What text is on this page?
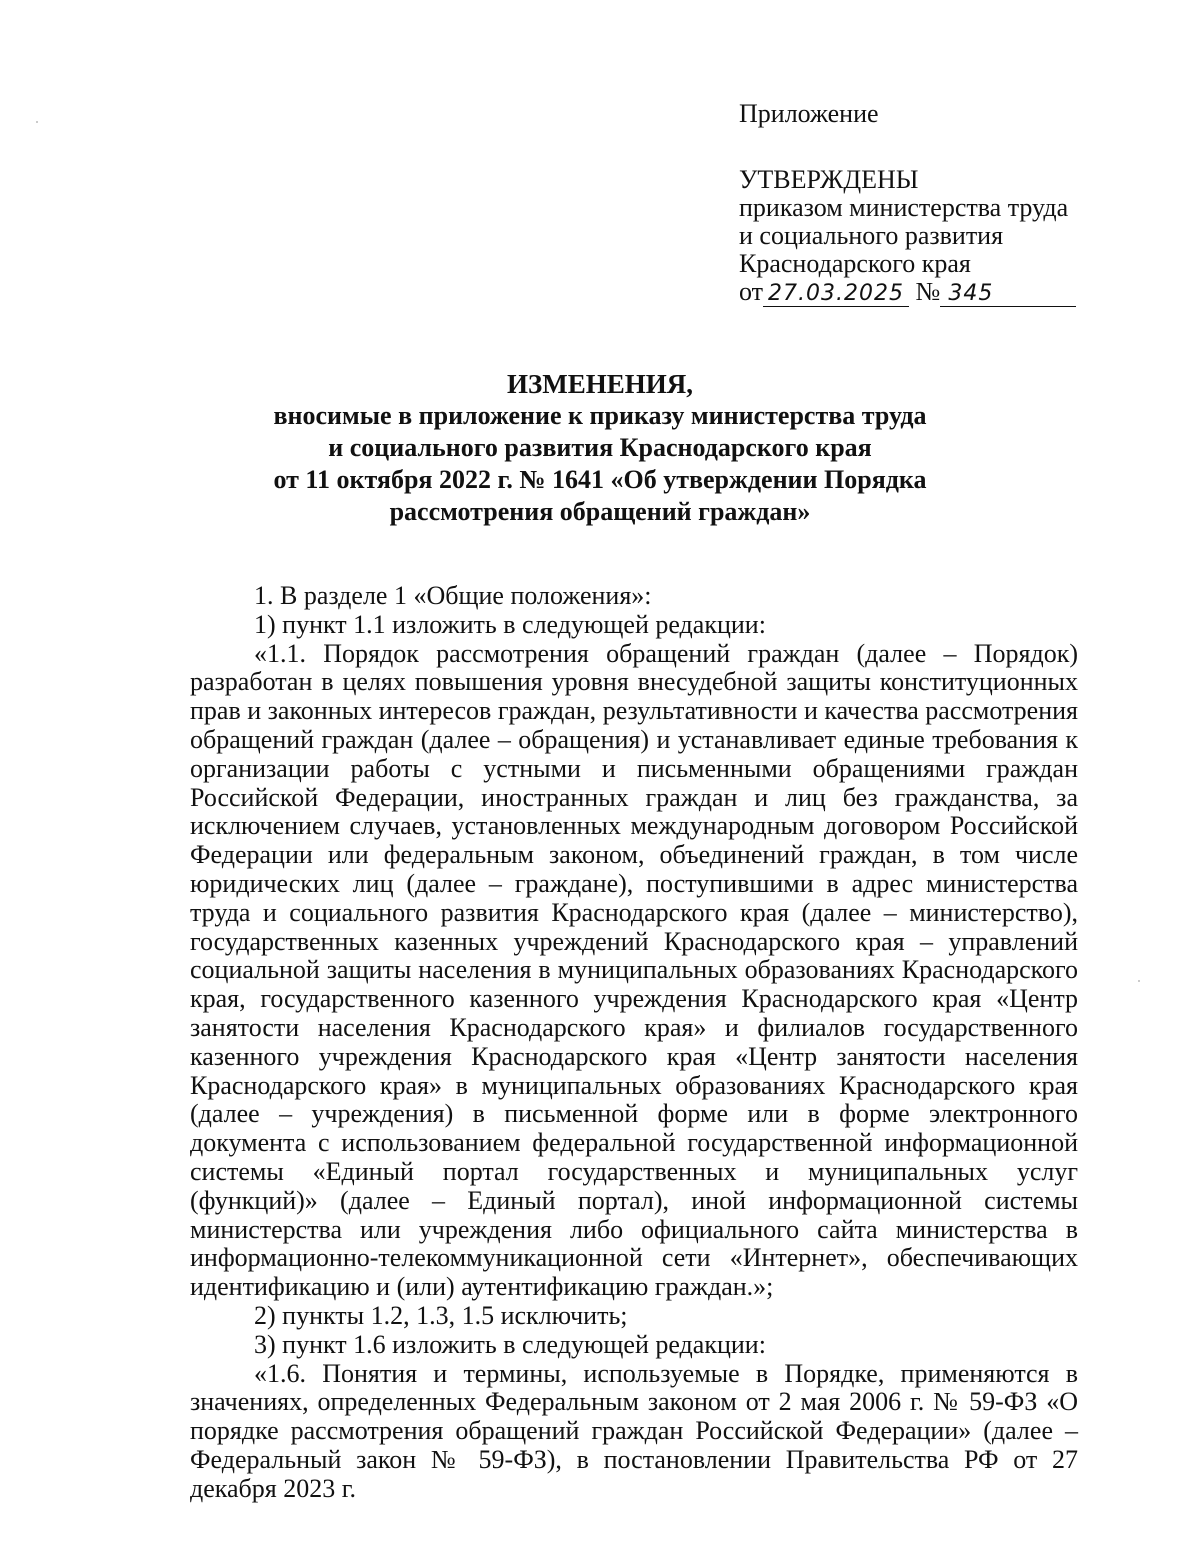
Приложение

УТВЕРЖДЕНЫ

приказом министерства труда

и социального развития

Краснодарского края

от 27.03.2025 № 345

ИЗМЕНЕНИЯ,

вносимые в приложение к приказу министерства труда

и социального развития Краснодарского края

от 11 октября 2022 г. № 1641 «Об утверждении Порядка

рассмотрения обращений граждан»

1. В разделе 1 «Общие положения»:

1) пункт 1.1 изложить в следующей редакции:

«1.1. Порядок рассмотрения обращений граждан (далее – Порядок) разработан в целях повышения уровня внесудебной защиты конституционных прав и законных интересов граждан, результативности и качества рассмотрения обращений граждан (далее – обращения) и устанавливает единые требования к организации работы с устными и письменными обращениями граждан Российской Федерации, иностранных граждан и лиц без гражданства, за исключением случаев, установленных международным договором Российской Федерации или федеральным законом, объединений граждан, в том числе юридических лиц (далее – граждане), поступившими в адрес министерства труда и социального развития Краснодарского края (далее – министерство), государственных казенных учреждений Краснодарского края – управлений социальной защиты населения в муниципальных образованиях Краснодарского края, государственного казенного учреждения Краснодарского края «Центр занятости населения Краснодарского края» и филиалов государственного казенного учреждения Краснодарского края «Центр занятости населения Краснодарского края» в муниципальных образованиях Краснодарского края (далее – учреждения) в письменной форме или в форме электронного документа с использованием федеральной государственной информационной системы «Единый портал государственных и муниципальных услуг (функций)» (далее – Единый портал), иной информационной системы министерства или учреждения либо официального сайта министерства в информационно-телекоммуникационной сети «Интернет», обеспечивающих идентификацию и (или) аутентификацию граждан.»;

2) пункты 1.2, 1.3, 1.5 исключить;

3) пункт 1.6 изложить в следующей редакции:

«1.6. Понятия и термины, используемые в Порядке, применяются в значениях, определенных Федеральным законом от 2 мая 2006 г. № 59-ФЗ «О порядке рассмотрения обращений граждан Российской Федерации» (далее – Федеральный закон № 59-ФЗ), в постановлении Правительства РФ от 27 декабря 2023 г.
